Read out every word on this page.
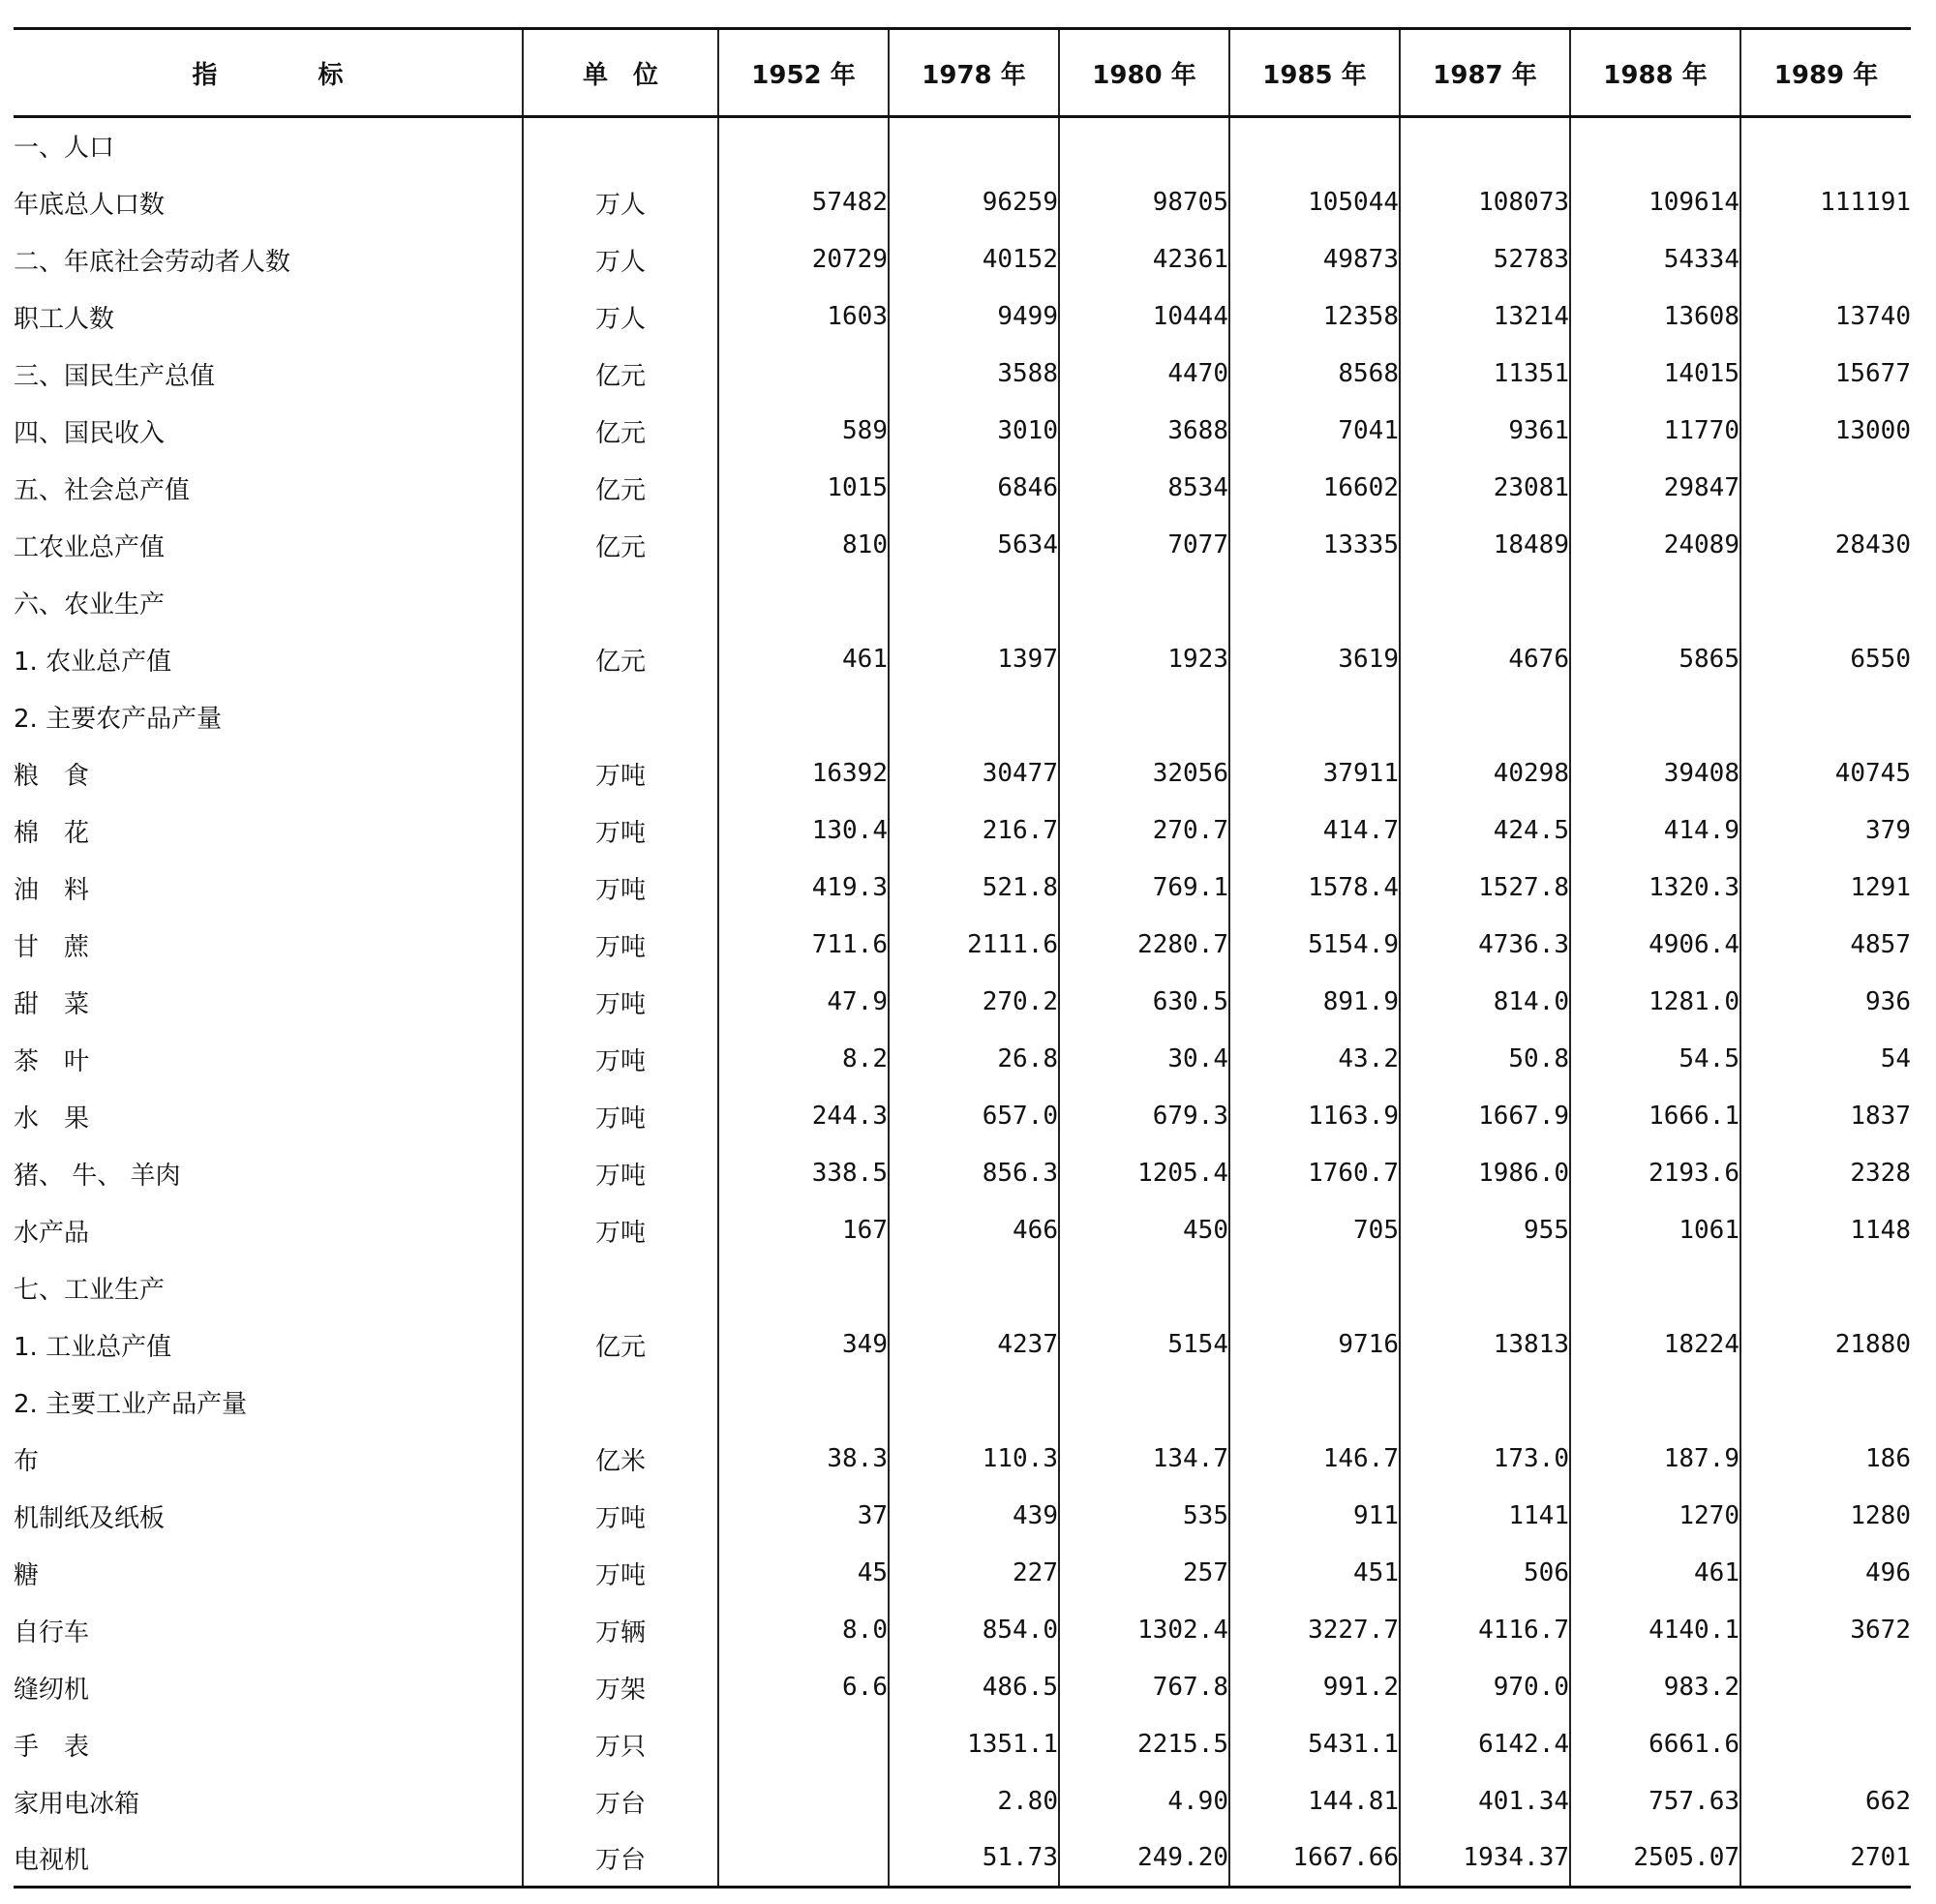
指　　　　标	单　位	1952 年	1978 年	1980 年	1985 年	1987 年	1988 年	1989 年
一、人口								
年底总人口数	万人	57482	96259	98705	105044	108073	109614	111191
二、年底社会劳动者人数	万人	20729	40152	42361	49873	52783	54334	
职工人数	万人	1603	9499	10444	12358	13214	13608	13740
三、国民生产总值	亿元		3588	4470	8568	11351	14015	15677
四、国民收入	亿元	589	3010	3688	7041	9361	11770	13000
五、社会总产值	亿元	1015	6846	8534	16602	23081	29847	
工农业总产值	亿元	810	5634	7077	13335	18489	24089	28430
六、农业生产								
1. 农业总产值	亿元	461	1397	1923	3619	4676	5865	6550
2. 主要农产品产量								
粮　食	万吨	16392	30477	32056	37911	40298	39408	40745
棉　花	万吨	130.4	216.7	270.7	414.7	424.5	414.9	379
油　料	万吨	419.3	521.8	769.1	1578.4	1527.8	1320.3	1291
甘　蔗	万吨	711.6	2111.6	2280.7	5154.9	4736.3	4906.4	4857
甜　菜	万吨	47.9	270.2	630.5	891.9	814.0	1281.0	936
茶　叶	万吨	8.2	26.8	30.4	43.2	50.8	54.5	54
水　果	万吨	244.3	657.0	679.3	1163.9	1667.9	1666.1	1837
猪、 牛、 羊肉	万吨	338.5	856.3	1205.4	1760.7	1986.0	2193.6	2328
水产品	万吨	167	466	450	705	955	1061	1148
七、工业生产								
1. 工业总产值	亿元	349	4237	5154	9716	13813	18224	21880
2. 主要工业产品产量								
布	亿米	38.3	110.3	134.7	146.7	173.0	187.9	186
机制纸及纸板	万吨	37	439	535	911	1141	1270	1280
糖	万吨	45	227	257	451	506	461	496
自行车	万辆	8.0	854.0	1302.4	3227.7	4116.7	4140.1	3672
缝纫机	万架	6.6	486.5	767.8	991.2	970.0	983.2	
手　表	万只		1351.1	2215.5	5431.1	6142.4	6661.6	
家用电冰箱	万台		2.80	4.90	144.81	401.34	757.63	662
电视机	万台		51.73	249.20	1667.66	1934.37	2505.07	2701
